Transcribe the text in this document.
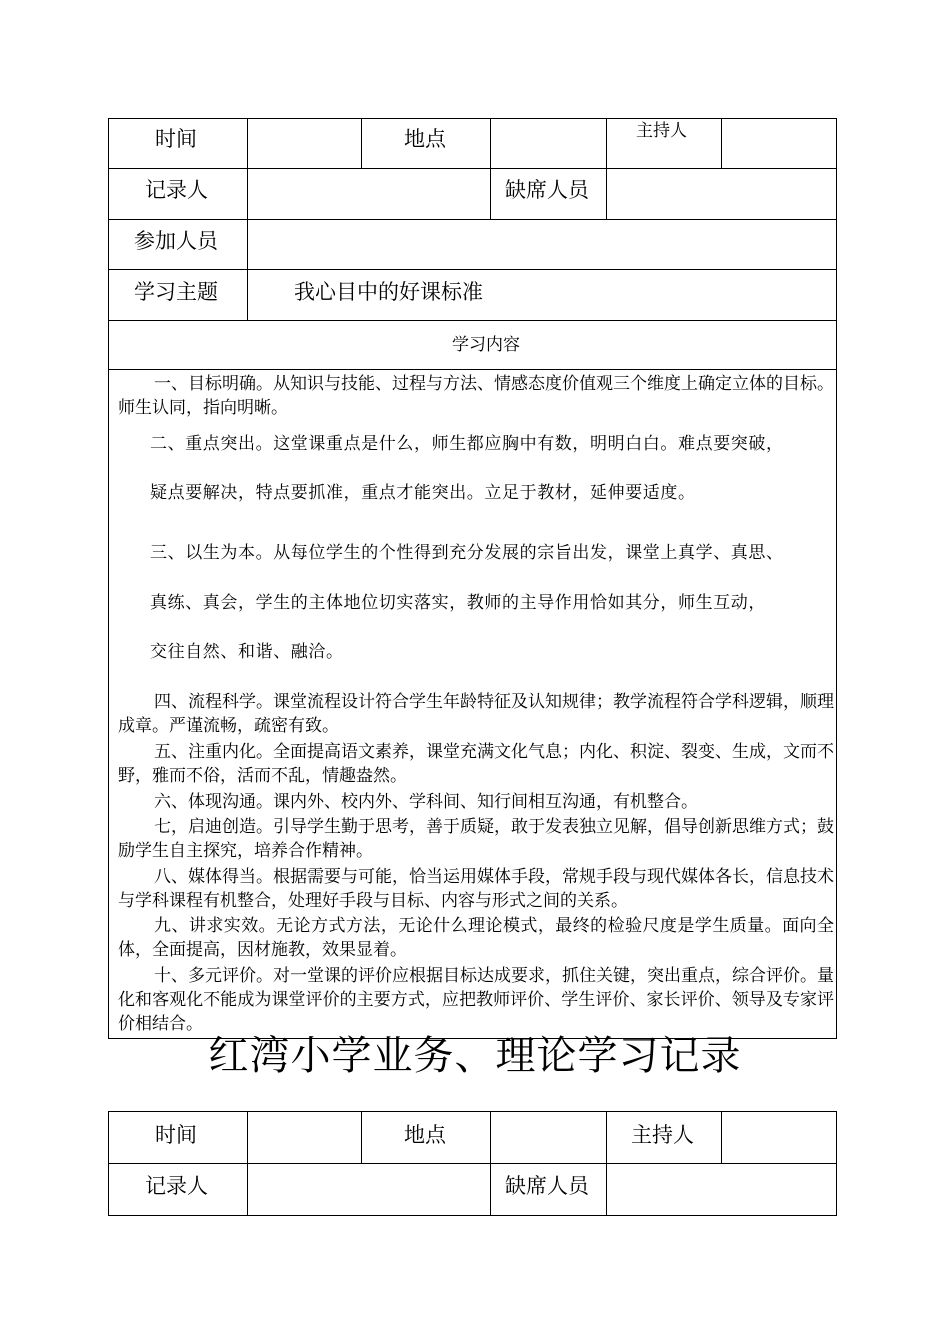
时间	地点	主持人
记录人	缺席人员
参加人员
学习主题	我心目中的好课标准
学习内容

一、目标明确。从知识与技能、过程与方法、情感态度价值观三个维度上确定立体的目标。师生认同，指向明晰。

二、重点突出。这堂课重点是什么，师生都应胸中有数，明明白白。难点要突破，

疑点要解决，特点要抓准，重点才能突出。立足于教材，延伸要适度。

三、以生为本。从每位学生的个性得到充分发展的宗旨出发，课堂上真学、真思、

真练、真会，学生的主体地位切实落实，教师的主导作用恰如其分，师生互动，

交往自然、和谐、融洽。

四、流程科学。课堂流程设计符合学生年龄特征及认知规律；教学流程符合学科逻辑，顺理成章。严谨流畅，疏密有致。

五、注重内化。全面提高语文素养，课堂充满文化气息；内化、积淀、裂变、生成，文而不野，雅而不俗，活而不乱，情趣盎然。

六、体现沟通。课内外、校内外、学科间、知行间相互沟通，有机整合。

七，启迪创造。引导学生勤于思考，善于质疑，敢于发表独立见解，倡导创新思维方式；鼓励学生自主探究，培养合作精神。

八、媒体得当。根据需要与可能，恰当运用媒体手段，常规手段与现代媒体各长，信息技术与学科课程有机整合，处理好手段与目标、内容与形式之间的关系。

九、讲求实效。无论方式方法，无论什么理论模式，最终的检验尺度是学生质量。面向全体，全面提高，因材施教，效果显着。

十、多元评价。对一堂课的评价应根据目标达成要求，抓住关键，突出重点，综合评价。量化和客观化不能成为课堂评价的主要方式，应把教师评价、学生评价、家长评价、领导及专家评价相结合。

红湾小学业务、理论学习记录
时间	地点	主持人
记录人	缺席人员
